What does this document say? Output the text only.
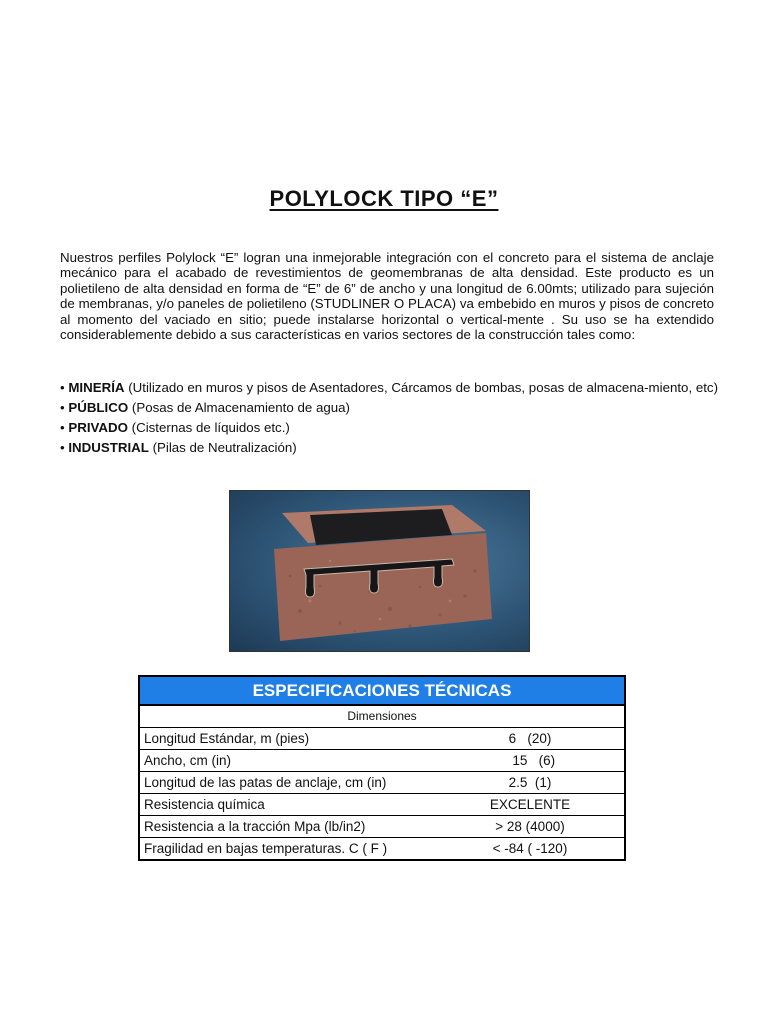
POLYLOCK TIPO “E”

Nuestros perfiles Polylock “E” logran una inmejorable integración con el concreto para el sistema de anclaje mecánico para el acabado de revestimientos de geomembranas de alta densidad. Este producto es un polietileno de alta densidad en forma de “E” de 6” de ancho y una longitud de 6.00mts; utilizado para sujeción de membranas, y/o paneles de polietileno (STUDLINER O PLACA) va embebido en muros y pisos de concreto al momento del vaciado en sitio; puede instalarse horizontal o vertical-mente . Su uso se ha extendido considerablemente debido a sus características en varios sectores de la construcción tales como:

• MINERÍA (Utilizado en muros y pisos de Asentadores, Cárcamos de bombas, posas de almacena-miento, etc)
• PÚBLICO (Posas de Almacenamiento de agua)
• PRIVADO (Cisternas de líquidos etc.)
• INDUSTRIAL (Pilas de Neutralización)
ESPECIFICACIONES TÉCNICAS
Dimensiones
Longitud Estándar, m (pies)	6   (20)
Ancho, cm (in)	15   (6)
Longitud de las patas de anclaje, cm (in)	2.5  (1)
Resistencia química	EXCELENTE
Resistencia a la tracción Mpa (lb/in2)	> 28 (4000)
Fragilidad en bajas temperaturas. C ( F )	< -84 ( -120)
